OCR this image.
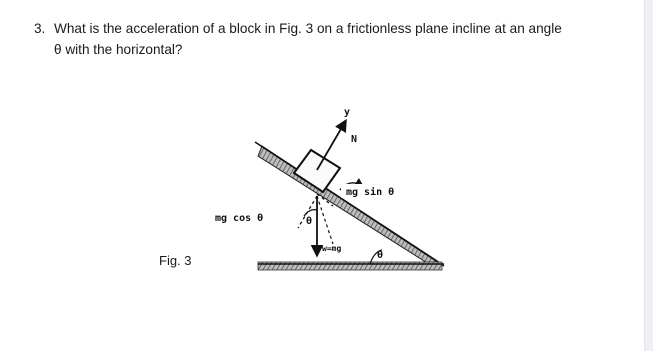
3. What is the acceleration of a block in Fig. 3 on a frictionless plane incline at an angle
θ with the horizontal?
Fig. 3
y
N
mg sin θ
mg cos θ	θ
w=mg
θ
